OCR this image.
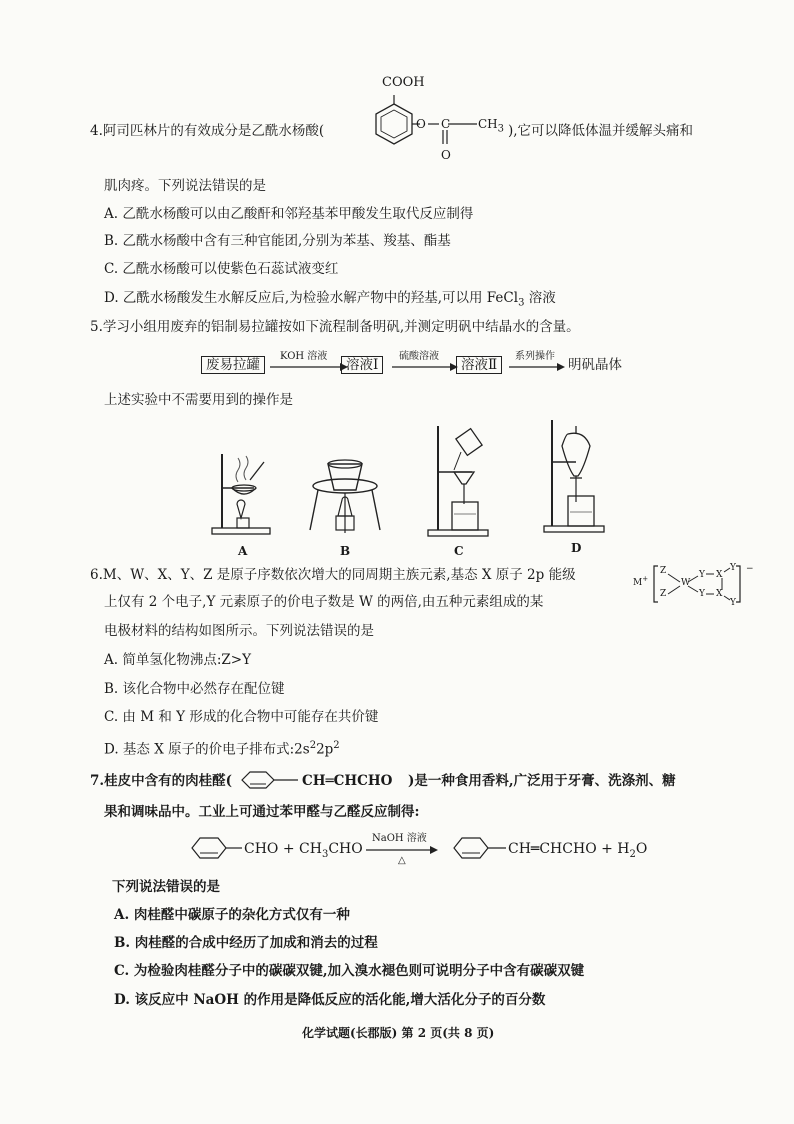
COOH
4.阿司匹林片的有效成分是乙酰水杨酸(	O C $CH_3$
O
),它可以降低体温并缓解头痛和
肌肉疼。下列说法错误的是
A. 乙酰水杨酸可以由乙酸酐和邻羟基苯甲酸发生取代反应制得
B. 乙酰水杨酸中含有三种官能团,分别为苯基、羧基、酯基
C. 乙酰水杨酸可以使紫色石蕊试液变红
D. 乙酰水杨酸发生水解反应后,为检验水解产物中的羟基,可以用 FeCl$_3$ 溶液
5.学习小组用废弃的铝制易拉罐按如下流程制备明矾,并测定明矾中结晶水的含量。
废易拉罐
KOH 溶液
溶液Ⅰ
硫酸溶液
溶液Ⅱ
系列操作
明矾晶体
上述实验中不需要用到的操作是
A	B	C	D
6.M、W、X、Y、Z 是原子序数依次增大的同周期主族元素,基态 X 原子 2p 能级
上仅有 2 个电子,Y 元素原子的价电子数是 W 的两倍,由五种元素组成的某
电极材料的结构如图所示。下列说法错误的是
M+
Z
Z
W
Y
Y
X
X
Y
Y
−
A. 简单氢化物沸点:Z>Y
B. 该化合物中必然存在配位键
C. 由 M 和 Y 形成的化合物中可能存在共价键
D. 基态 X 原子的价电子排布式$:2s^22p^2$
7.桂皮中含有的肉桂醛(	CH═CHCHO )是一种食用香料,广泛用于牙膏、洗涤剂、糖
果和调味品中。工业上可通过苯甲醛与乙醛反应制得:
CHO + $CH_3CHO$
NaOH 溶液
△
CH═CHCHO + $H_2O$
下列说法错误的是
A. 肉桂醛中碳原子的杂化方式仅有一种
B. 肉桂醛的合成中经历了加成和消去的过程
C. 为检验肉桂醛分子中的碳碳双键,加入溴水褪色则可说明分子中含有碳碳双键
D. 该反应中 NaOH 的作用是降低反应的活化能,增大活化分子的百分数
化学试题(长郡版) 第 2 页(共 8 页)
